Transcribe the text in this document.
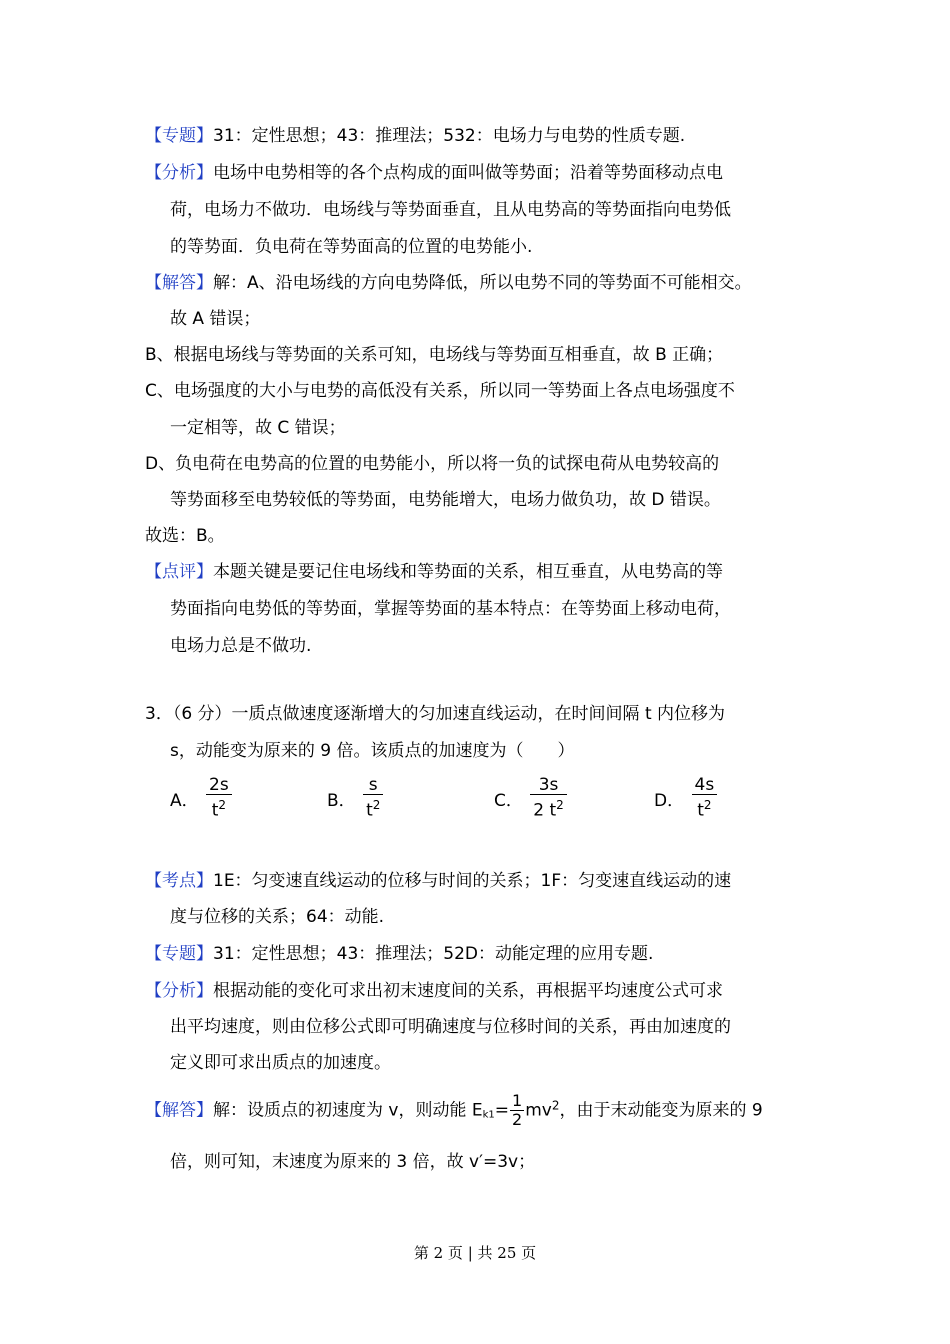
【专题】31：定性思想；43：推理法；532：电场力与电势的性质专题.
【分析】电场中电势相等的各个点构成的面叫做等势面；沿着等势面移动点电
荷，电场力不做功．电场线与等势面垂直，且从电势高的等势面指向电势低
的等势面．负电荷在等势面高的位置的电势能小.
【解答】解：A、沿电场线的方向电势降低，所以电势不同的等势面不可能相交。
故 A 错误；
B、根据电场线与等势面的关系可知，电场线与等势面互相垂直，故 B 正确；
C、电场强度的大小与电势的高低没有关系，所以同一等势面上各点电场强度不
一定相等，故 C 错误；
D、负电荷在电势高的位置的电势能小，所以将一负的试探电荷从电势较高的
等势面移至电势较低的等势面，电势能增大，电场力做负功，故 D 错误。
故选：B。
【点评】本题关键是要记住电场线和等势面的关系，相互垂直，从电势高的等
势面指向电势低的等势面，掌握等势面的基本特点：在等势面上移动电荷，
电场力总是不做功.
3．（6 分）一质点做速度逐渐增大的匀加速直线运动，在时间间隔 t 内位移为
s，动能变为原来的 9 倍。该质点的加速度为（　　）
A． $\frac{2s}{t^2}$	B． $\frac{s}{t^2}$	C． $\frac{3s}{2 t^2}$	D． $\frac{4s}{t^2}$
【考点】1E：匀变速直线运动的位移与时间的关系；1F：匀变速直线运动的速
度与位移的关系；64：动能.
【专题】31：定性思想；43：推理法；52D：动能定理的应用专题.
【分析】根据动能的变化可求出初末速度间的关系，再根据平均速度公式可求
出平均速度，则由位移公式即可明确速度与位移时间的关系，再由加速度的
定义即可求出质点的加速度。
【解答】解：设质点的初速度为 v，则动能 $E_{k1}= \frac{1}{2} mv^2$，由于末动能变为原来的 9
倍，则可知，末速度为原来的 3 倍，故 v′=3v；
第 2 页 | 共 25 页
